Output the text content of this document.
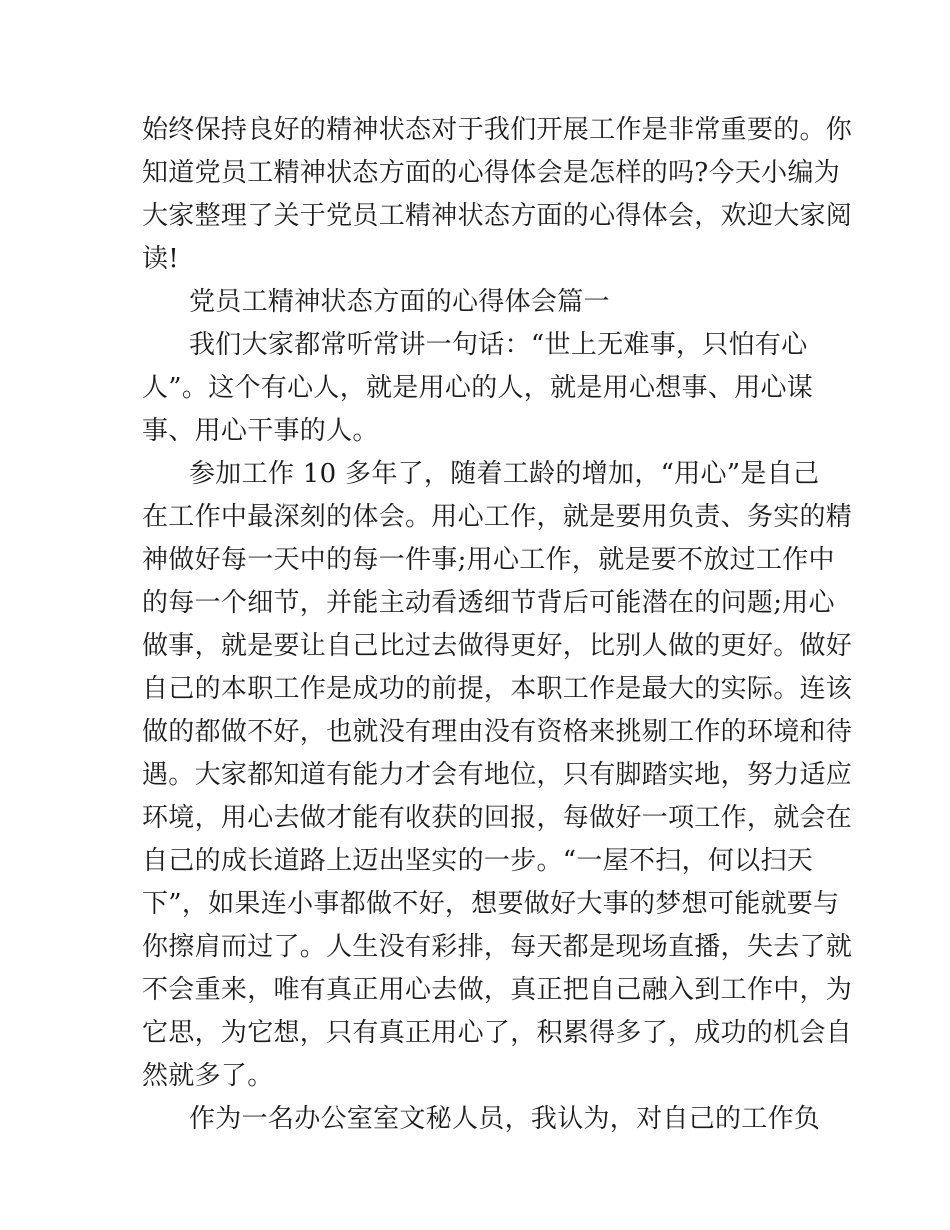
始终保持良好的精神状态对于我们开展工作是非常重要的。你
知道党员工精神状态方面的心得体会是怎样的吗?今天小编为
大家整理了关于党员工精神状态方面的心得体会，欢迎大家阅
读!
党员工精神状态方面的心得体会篇一
我们大家都常听常讲一句话：“世上无难事，只怕有心
人”。这个有心人，就是用心的人，就是用心想事、用心谋
事、用心干事的人。
参加工作 10 多年了，随着工龄的增加，“用心”是自己
在工作中最深刻的体会。用心工作，就是要用负责、务实的精
神做好每一天中的每一件事;用心工作，就是要不放过工作中
的每一个细节，并能主动看透细节背后可能潜在的问题;用心
做事，就是要让自己比过去做得更好，比别人做的更好。做好
自己的本职工作是成功的前提，本职工作是最大的实际。连该
做的都做不好，也就没有理由没有资格来挑剔工作的环境和待
遇。大家都知道有能力才会有地位，只有脚踏实地，努力适应
环境，用心去做才能有收获的回报，每做好一项工作，就会在
自己的成长道路上迈出坚实的一步。“一屋不扫，何以扫天
下”，如果连小事都做不好，想要做好大事的梦想可能就要与
你擦肩而过了。人生没有彩排，每天都是现场直播，失去了就
不会重来，唯有真正用心去做，真正把自己融入到工作中，为
它思，为它想，只有真正用心了，积累得多了，成功的机会自
然就多了。
作为一名办公室室文秘人员，我认为，对自己的工作负
